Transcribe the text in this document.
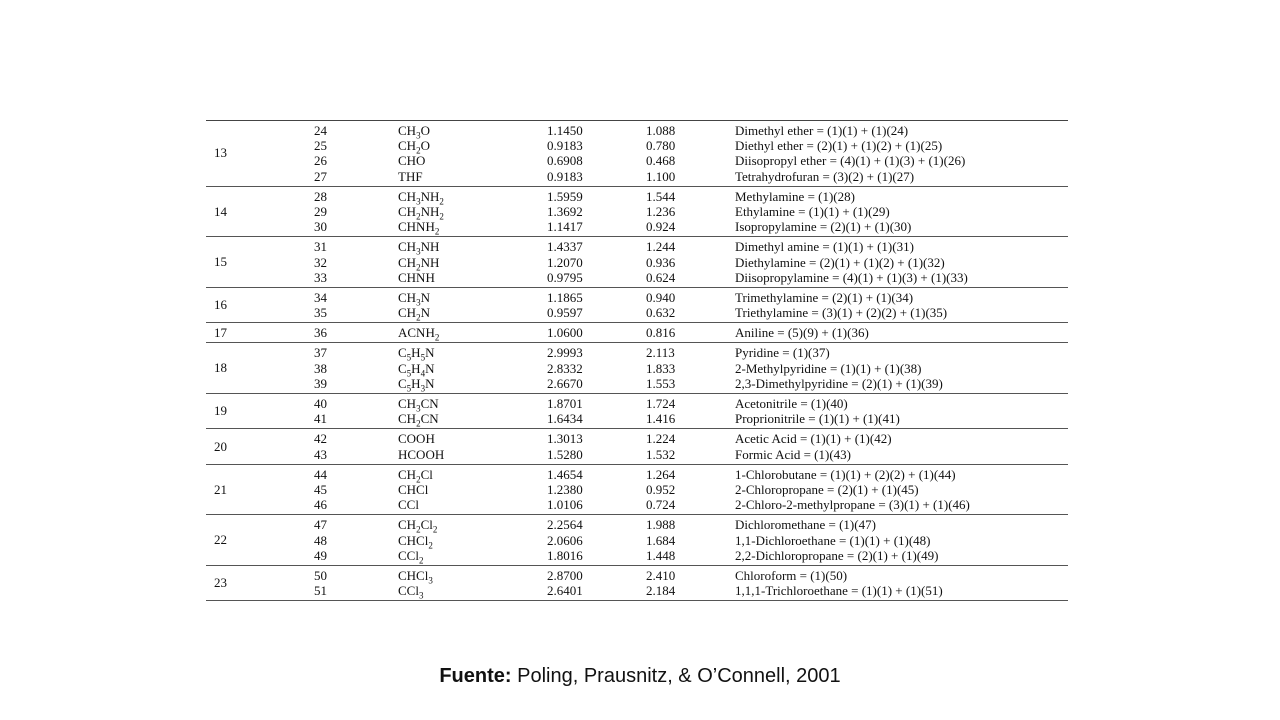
13
24	$CH_3O$	1.1450	1.088	Dimethyl ether = (1)(1) + (1)(24)
25	$CH_2O$	0.9183	0.780	Diethyl ether = (2)(1) + (1)(2) + (1)(25)
26	CHO	0.6908	0.468	Diisopropyl ether = (4)(1) + (1)(3) + (1)(26)
27	THF	0.9183	1.100	Tetrahydrofuran = (3)(2) + (1)(27)
14
28	$CH_3NH_2$	1.5959	1.544	Methylamine = (1)(28)
29	$CH_2NH_2$	1.3692	1.236	Ethylamine = (1)(1) + (1)(29)
30	$CHNH_2$	1.1417	0.924	Isopropylamine = (2)(1) + (1)(30)
15
31	$CH_3NH$	1.4337	1.244	Dimethyl amine = (1)(1) + (1)(31)
32	$CH_2NH$	1.2070	0.936	Diethylamine = (2)(1) + (1)(2) + (1)(32)
33	CHNH	0.9795	0.624	Diisopropylamine = (4)(1) + (1)(3) + (1)(33)
16	34	$CH_3N$	1.1865	0.940	Trimethylamine = (2)(1) + (1)(34)
35	$CH_2N$	0.9597	0.632	Triethylamine = (3)(1) + (2)(2) + (1)(35)
17	36	$ACNH_2$	1.0600	0.816	Aniline = (5)(9) + (1)(36)
18
37	$C_5H_5N$	2.9993	2.113	Pyridine = (1)(37)
38	$C_5H_4N$	2.8332	1.833	2-Methylpyridine = (1)(1) + (1)(38)
39	$C_5H_3N$	2.6670	1.553	2,3-Dimethylpyridine = (2)(1) + (1)(39)
19	40	$CH_3CN$	1.8701	1.724	Acetonitrile = (1)(40)
41	$CH_2CN$	1.6434	1.416	Proprionitrile = (1)(1) + (1)(41)
20	42	COOH	1.3013	1.224	Acetic Acid = (1)(1) + (1)(42)
43	HCOOH	1.5280	1.532	Formic Acid = (1)(43)
21
44	$CH_2Cl$	1.4654	1.264	1-Chlorobutane = (1)(1) + (2)(2) + (1)(44)
45	CHCl	1.2380	0.952	2-Chloropropane = (2)(1) + (1)(45)
46	CCl	1.0106	0.724	2-Chloro-2-methylpropane = (3)(1) + (1)(46)
22
47	$CH_2Cl_2$	2.2564	1.988	Dichloromethane = (1)(47)
48	CHCl$_2$	2.0606	1.684	1,1-Dichloroethane = (1)(1) + (1)(48)
49	CCl$_2$	1.8016	1.448	2,2-Dichloropropane = (2)(1) + (1)(49)
23	50	CHCl$_3$	2.8700	2.410	Chloroform = (1)(50)
51	CCl$_3$	2.6401	2.184	1,1,1-Trichloroethane = (1)(1) + (1)(51)
Fuente: Poling, Prausnitz, & O’Connell, 2001
